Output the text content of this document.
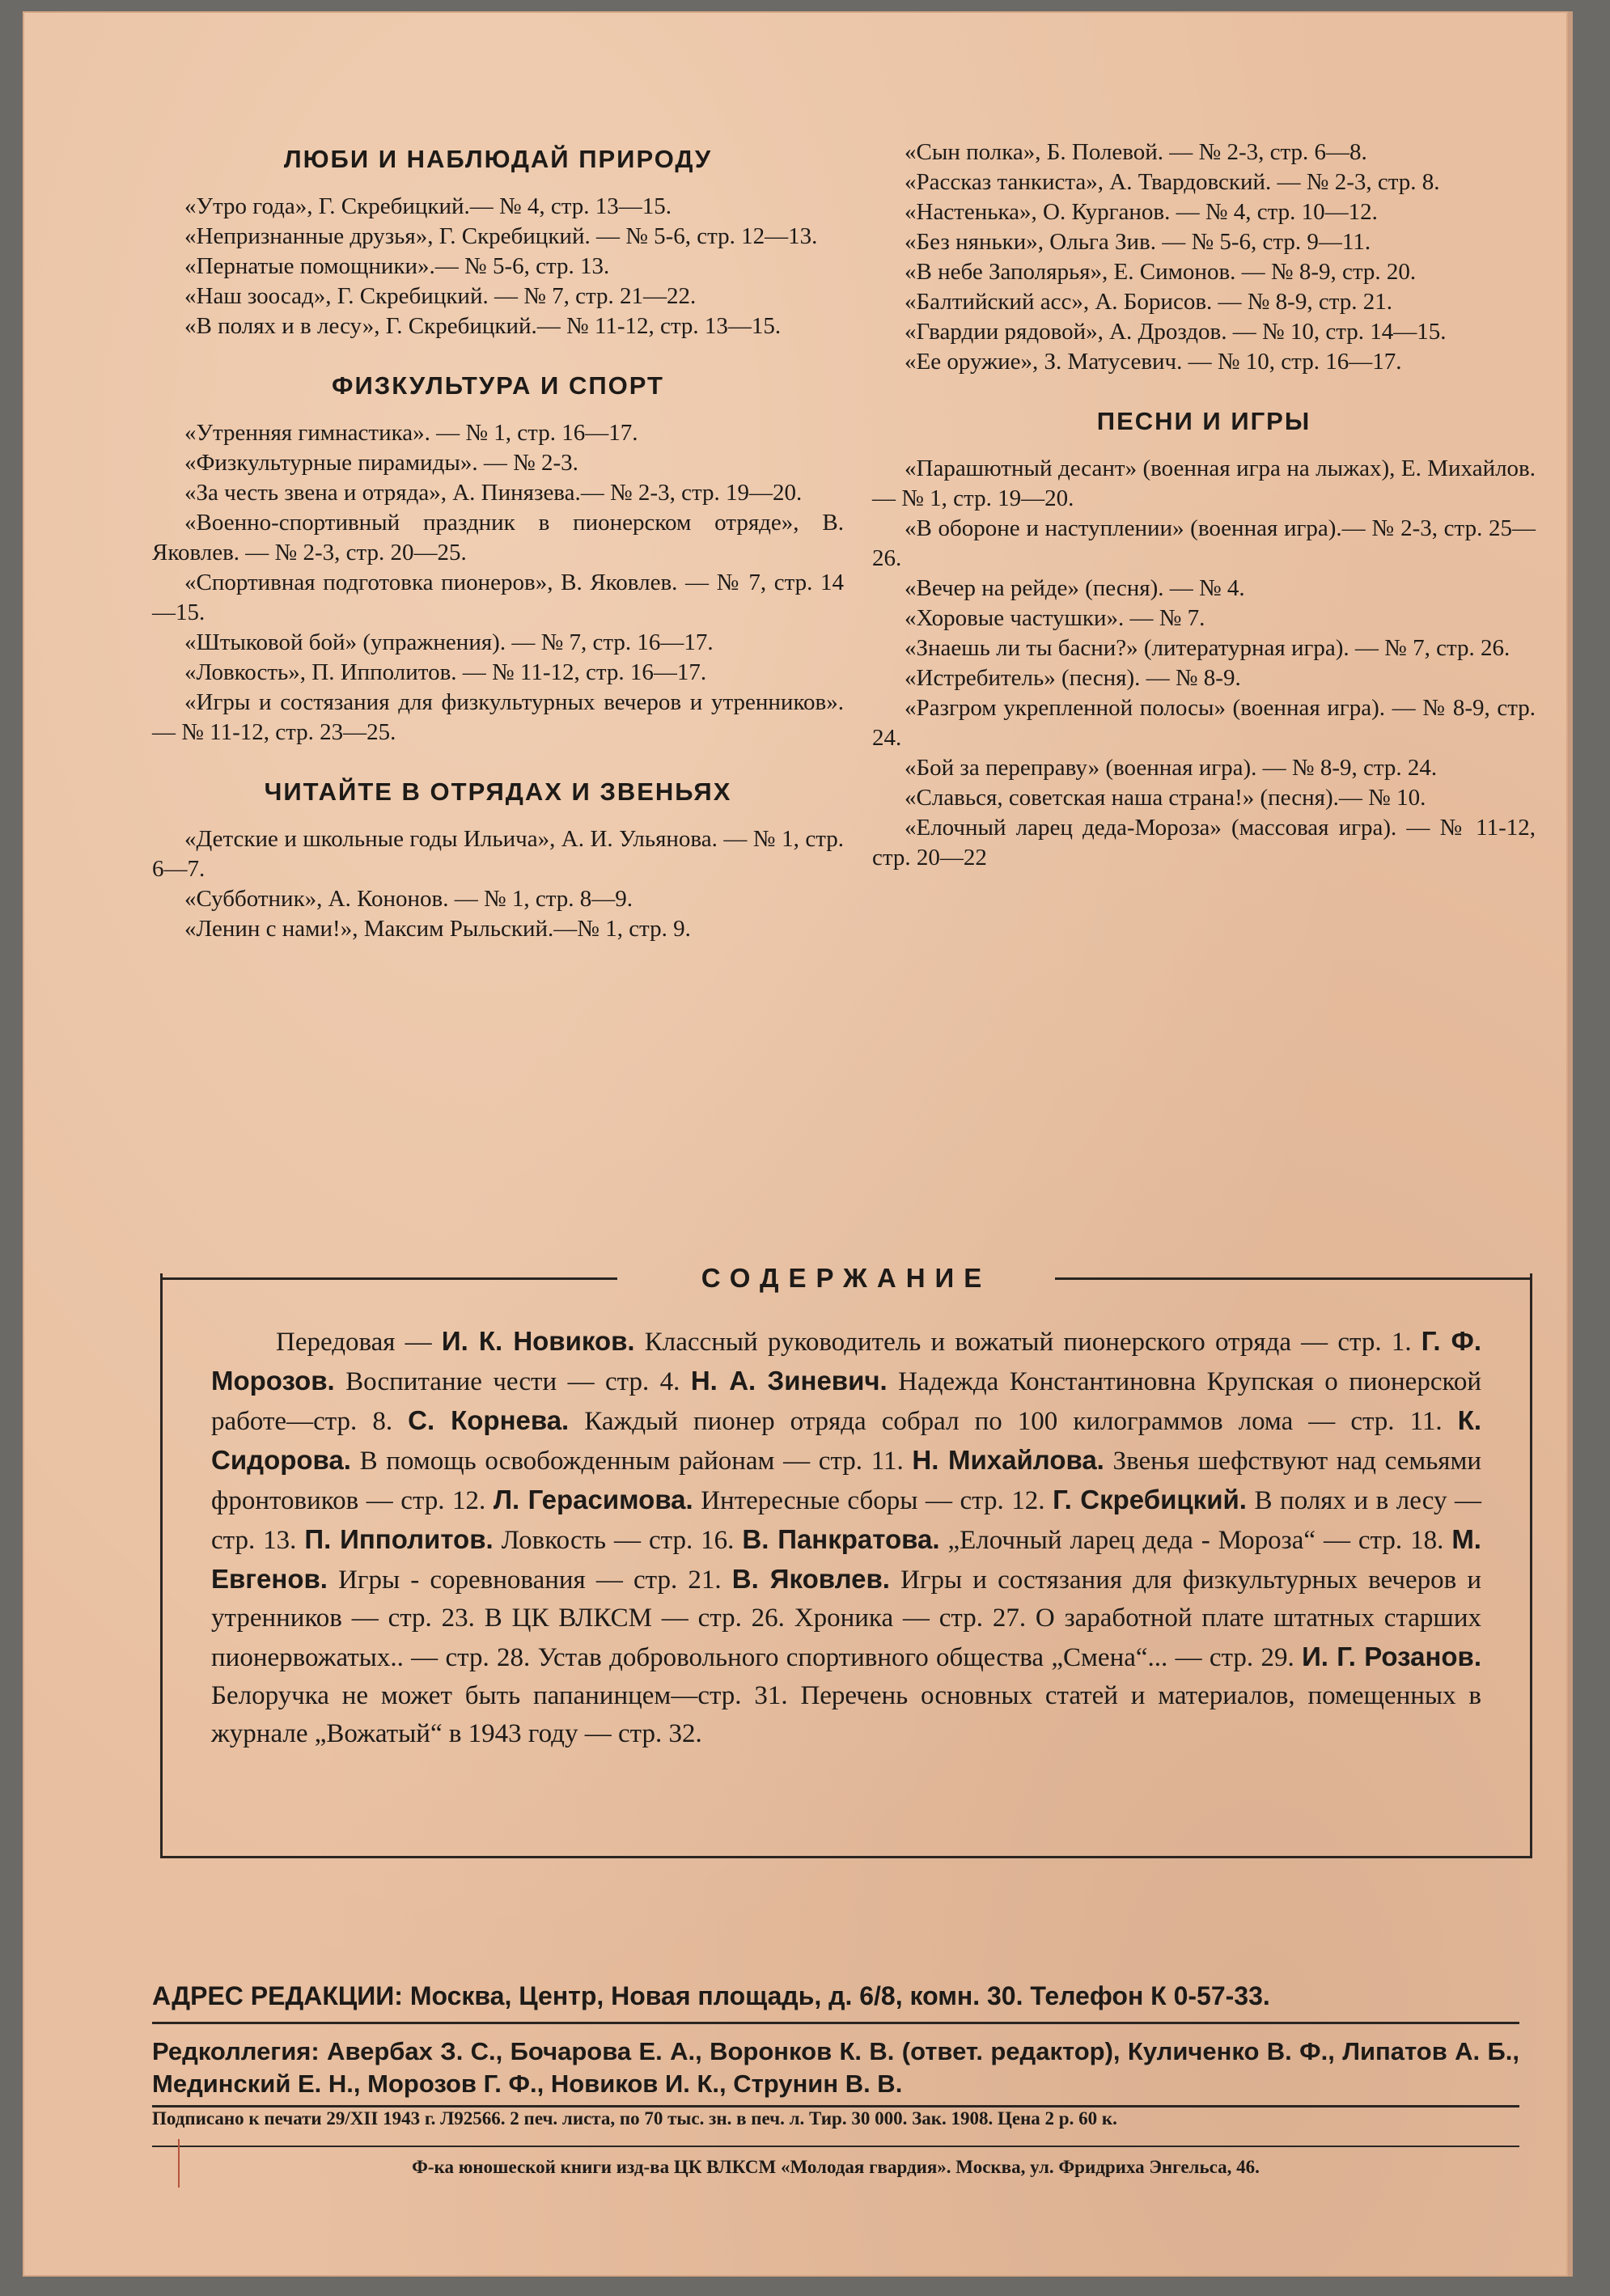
ЛЮБИ И НАБЛЮДАЙ ПРИРОДУ

«Утро года», Г. Скребицкий.— № 4, стр. 13—15.

«Непризнанные друзья», Г. Скребицкий. — № 5-6, стр. 12—13.

«Пернатые помощники».— № 5-6, стр. 13.

«Наш зоосад», Г. Скребицкий. — № 7, стр. 21—22.

«В полях и в лесу», Г. Скребицкий.— № 11-12, стр. 13—15.

ФИЗКУЛЬТУРА И СПОРТ

«Утренняя гимнастика». — № 1, стр. 16—17.

«Физкультурные пирамиды». — № 2-3.

«За честь звена и отряда», А. Пинязева.— № 2-3, стр. 19—20.

«Военно-спортивный праздник в пионерском отряде», В. Яковлев. — № 2-3, стр. 20—25.

«Спортивная подготовка пионеров», В. Яковлев. — № 7, стр. 14—15.

«Штыковой бой» (упражнения). — № 7, стр. 16—17.

«Ловкость», П. Ипполитов. — № 11-12, стр. 16—17.

«Игры и состязания для физкультурных вечеров и утренников». — № 11-12, стр. 23—25.

ЧИТАЙТЕ В ОТРЯДАХ И ЗВЕНЬЯХ

«Детские и школьные годы Ильича», А. И. Ульянова. — № 1, стр. 6—7.

«Субботник», А. Кононов. — № 1, стр. 8—9.

«Ленин с нами!», Максим Рыльский.—№ 1, стр. 9.

«Сын полка», Б. Полевой. — № 2-3, стр. 6—8.

«Рассказ танкиста», А. Твардовский. — № 2-3, стр. 8.

«Настенька», О. Курганов. — № 4, стр. 10—12.

«Без няньки», Ольга Зив. — № 5-6, стр. 9—11.

«В небе Заполярья», Е. Симонов. — № 8-9, стр. 20.

«Балтийский асс», А. Борисов. — № 8-9, стр. 21.

«Гвардии рядовой», А. Дроздов. — № 10, стр. 14—15.

«Ее оружие», З. Матусевич. — № 10, стр. 16—17.

ПЕСНИ И ИГРЫ

«Парашютный десант» (военная игра на лыжах), Е. Михайлов. — № 1, стр. 19—20.

«В обороне и наступлении» (военная игра).— № 2-3, стр. 25—26.

«Вечер на рейде» (песня). — № 4.

«Хоровые частушки». — № 7.

«Знаешь ли ты басни?» (литературная игра). — № 7, стр. 26.

«Истребитель» (песня). — № 8-9.

«Разгром укрепленной полосы» (военная игра). — № 8-9, стр. 24.

«Бой за переправу» (военная игра). — № 8-9, стр. 24.

«Славься, советская наша страна!» (песня).— № 10.

«Елочный ларец деда-Мороза» (массовая игра). — № 11-12, стр. 20—22

СОДЕРЖАНИЕ
Передовая — И. К. Новиков. Классный руководитель и вожатый пионерского отряда — стр. 1. Г. Ф. Морозов. Воспитание чести — стр. 4. Н. А. Зиневич. Надежда Константиновна Крупская о пионерской работе—стр. 8. С. Корнева. Каждый пионер отряда собрал по 100 килограммов лома — стр. 11. К. Сидорова. В помощь освобожденным районам — стр. 11. Н. Михайлова. Звенья шефствуют над семьями фронтовиков — стр. 12. Л. Герасимова. Интересные сборы — стр. 12. Г. Скребицкий. В полях и в лесу — стр. 13. П. Ипполитов. Ловкость — стр. 16. В. Панкратова. „Елочный ларец деда - Мороза“ — стр. 18. М. Евгенов. Игры - соревнования — стр. 21. В. Яковлев. Игры и состязания для физкультурных вечеров и утренников — стр. 23. В ЦК ВЛКСМ — стр. 26. Хроника — стр. 27. О заработной плате штатных старших пионервожатых.. — стр. 28. Устав добровольного спортивного общества „Смена“... — стр. 29. И. Г. Розанов. Белоручка не может быть папанинцем—стр. 31. Перечень основных статей и материалов, помещенных в журнале „Вожатый“ в 1943 году — стр. 32.
АДРЕС РЕДАКЦИИ: Москва, Центр, Новая площадь, д. 6/8, комн. 30. Телефон К 0-57-33.
Редколлегия: Авербах З. С., Бочарова Е. А., Воронков К. В. (ответ. редактор), Куличенко В. Ф., Липатов А. Б., Мединский Е. Н., Морозов Г. Ф., Новиков И. К., Струнин В. В.
Подписано к печати 29/XII 1943 г. Л92566. 2 печ. листа, по 70 тыс. зн. в печ. л. Тир. 30 000. Зак. 1908. Цена 2 р. 60 к.
Ф-ка юношеской книги изд-ва ЦК ВЛКСМ «Молодая гвардия». Москва, ул. Фридриха Энгельса, 46.
